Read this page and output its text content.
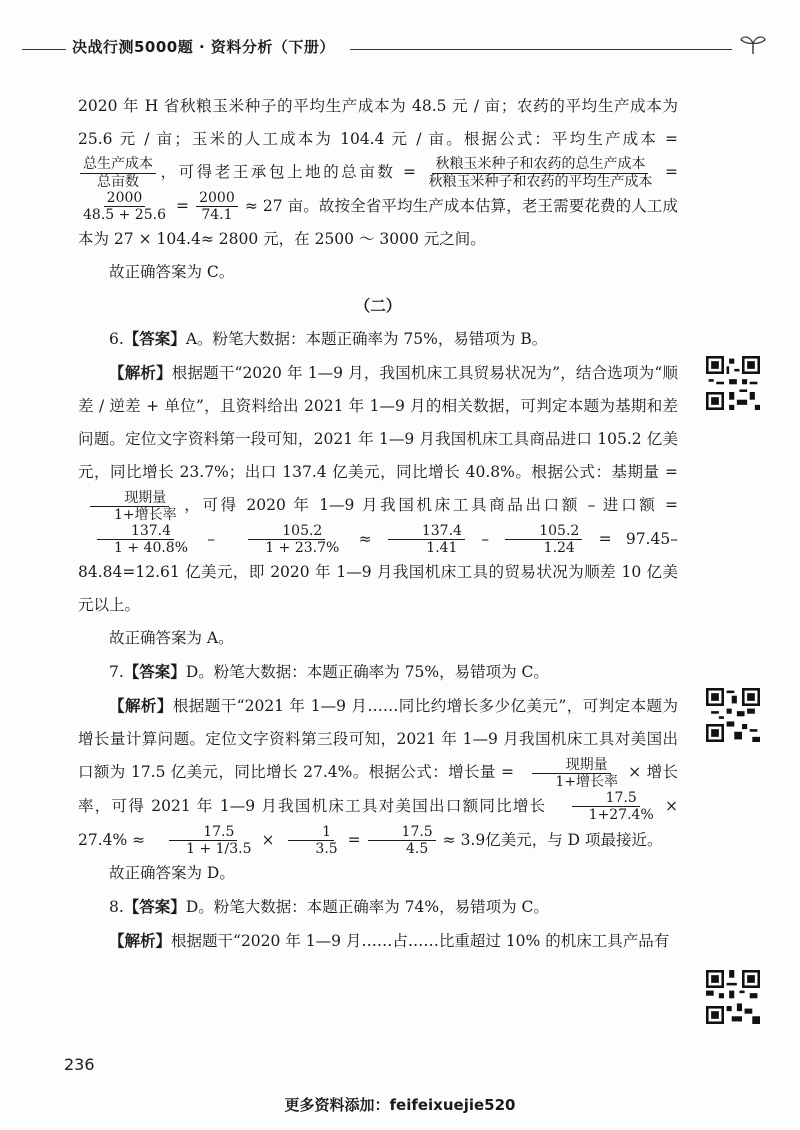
决战行测5000题 · 资料分析（下册）

2020 年 H 省秋粮玉米种子的平均生产成本为 48.5 元 / 亩；农药的平均生产成本为 25.6 元 / 亩；玉米的人工成本为 104.4 元 / 亩。根据公式：平均生产成本 =
$\frac{\text{总生产成本}}{\text{总亩数}}$ ，可得老王承包上地的总亩数 = $\frac{\text{秋粮玉米种子和农药的总生产成本}}{\text{秋粮玉米种子和农药的平均生产成本}}$ =
$\frac{2000}{48.5 + 25.6} = \frac{2000}{74.1} \approx 27$ 亩。故按全省平均生产成本估算，老王需要花费的人工成本为 27 × 104.4≈ 2800 元，在 2500 ～ 3000 元之间。

故正确答案为 C。

（二）

6.【答案】A。粉笔大数据：本题正确率为 75%，易错项为 B。

【解析】根据题干“2020 年 1—9 月，我国机床工具贸易状况为”，结合选项为“顺差 / 逆差 + 单位”，且资料给出 2021 年 1—9 月的相关数据，可判定本题为基期和差问题。定位文字资料第一段可知，2021 年 1—9 月我国机床工具商品进口 105.2 亿美元，同比增长 23.7%；出口 137.4 亿美元，同比增长 40.8%。根据公式：基期量 =
$\frac{\text{现期量}}{\text{1+增长率}}$ ，可得 2020 年 1—9 月我国机床工具商品出口额 – 进口额 =
$\frac{137.4}{1 + 40.8\%} - \frac{105.2}{1 + 23.7\%} \approx \frac{137.4}{1.41} - \frac{105.2}{1.24} = 97.45-84.84=12.61$ 亿美元，即 2020 年 1—9 月我国机床工具的贸易状况为顺差 10 亿美元以上。

故正确答案为 A。

7.【答案】D。粉笔大数据：本题正确率为 75%，易错项为 C。

【解析】根据题干“2021 年 1—9 月……同比约增长多少亿美元”，可判定本题为增长量计算问题。定位文字资料第三段可知，2021 年 1—9 月我国机床工具对美国出口额为 17.5 亿美元，同比增长 27.4%。根据公式：增长量 = $\frac{\text{现期量}}{\text{1+增长率}}$ × 增长率，可得 2021 年 1—9 月我国机床工具对美国出口额同比增长 $\frac{17.5}{1+27.4\%} \times 27.4\% \approx \frac{17.5}{1 + 1/3.5} \times \frac{1}{3.5} = \frac{17.5}{4.5} \approx 3.9$亿美元，与 D 项最接近。

故正确答案为 D。

8.【答案】D。粉笔大数据：本题正确率为 74%，易错项为 C。

【解析】根据题干“2020 年 1—9 月……占……比重超过 10% 的机床工具产品有

236
更多资料添加：feifeixuejie520
